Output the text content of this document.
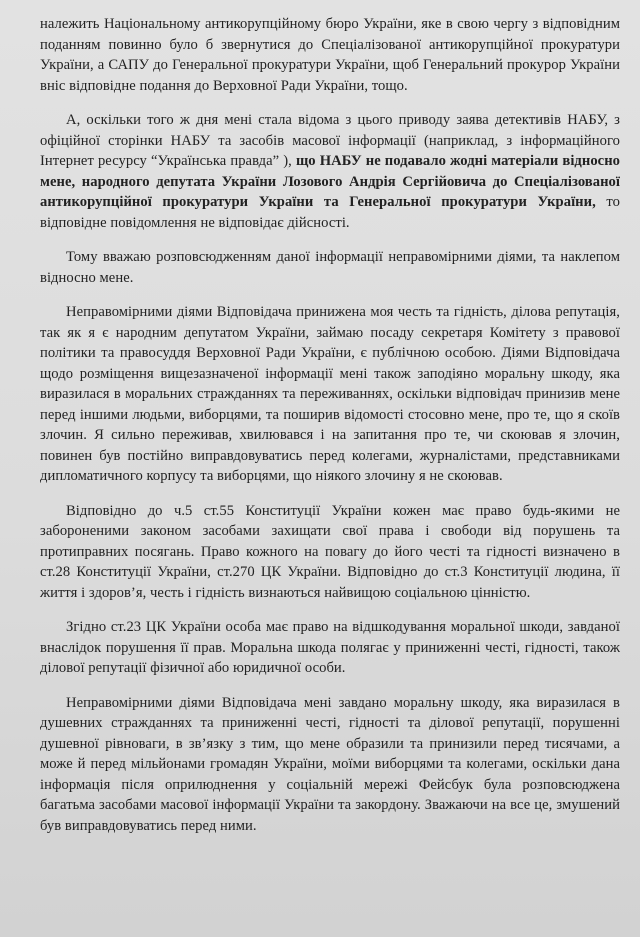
належить Національному антикорупційному бюро України, яке в свою чергу з відповідним поданням повинно було б звернутися до Спеціалізованої антикорупційної прокуратури України, а САПУ до Генеральної прокуратури України, щоб Генеральний прокурор України вніс відповідне подання до Верховної Ради України, тощо.

А, оскільки того ж дня мені стала відома з цього приводу заява детективів НАБУ, з офіційної сторінки НАБУ та засобів масової інформації (наприклад, з інформаційного Інтернет ресурсу “Українська правда” ), що НАБУ не подавало жодні матеріали відносно мене, народного депутата України Лозового Андрія Сергійовича до Спеціалізованої антикорупційної прокуратури України та Генеральної прокуратури України, то відповідне повідомлення не відповідає дійсності.

Тому вважаю розповсюдженням даної інформації неправомірними діями, та наклепом відносно мене.

Неправомірними діями Відповідача принижена моя честь та гідність, ділова репутація, так як я є народним депутатом України, займаю посаду секретаря Комітету з правової політики та правосуддя Верховної Ради України, є публічною особою. Діями Відповідача щодо розміщення вищезазначеної інформації мені також заподіяно моральну шкоду, яка виразилася в моральних стражданнях та переживаннях, оскільки відповідач принизив мене перед іншими людьми, виборцями, та поширив відомості стосовно мене, про те, що я скоїв злочин. Я сильно переживав, хвилювався і на запитання про те, чи скоював я злочин, повинен був постійно виправдовуватись перед колегами, журналістами, представниками дипломатичного корпусу та виборцями, що ніякого злочину я не скоював.

Відповідно до ч.5 ст.55 Конституції України кожен має право будь-якими не забороненими законом засобами захищати свої права і свободи від порушень та протиправних посягань. Право кожного на повагу до його честі та гідності визначено в ст.28 Конституції України, ст.270 ЦК України. Відповідно до ст.3 Конституції людина, її життя і здоров’я, честь і гідність визнаються найвищою соціальною цінністю.

Згідно ст.23 ЦК України особа має право на відшкодування моральної шкоди, завданої внаслідок порушення її прав. Моральна шкода полягає у приниженні честі, гідності, також ділової репутації фізичної або юридичної особи.

Неправомірними діями Відповідача мені завдано моральну шкоду, яка виразилася в душевних стражданнях та приниженні честі, гідності та ділової репутації, порушенні душевної рівноваги, в зв’язку з тим, що мене образили та принизили перед тисячами, а може й перед мільйонами громадян України, моїми виборцями та колегами, оскільки дана інформація після оприлюднення у соціальній мережі Фейсбук була розповсюджена багатьма засобами масової інформації України та закордону. Зважаючи на все це, змушений був виправдовуватись перед ними.
